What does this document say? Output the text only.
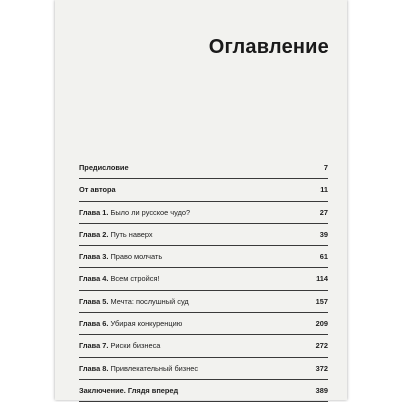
Оглавление
Предисловие	7
От автора	11
Глава 1. Было ли русское чудо?	27
Глава 2. Путь наверх	39
Глава 3. Право молчать	61
Глава 4. Всем стройся!	114
Глава 5. Мечта: послушный суд	157
Глава 6. Убирая конкуренцию	209
Глава 7. Риски бизнеса	272
Глава 8. Привлекательный бизнес	372
Заключение. Глядя вперед	389
